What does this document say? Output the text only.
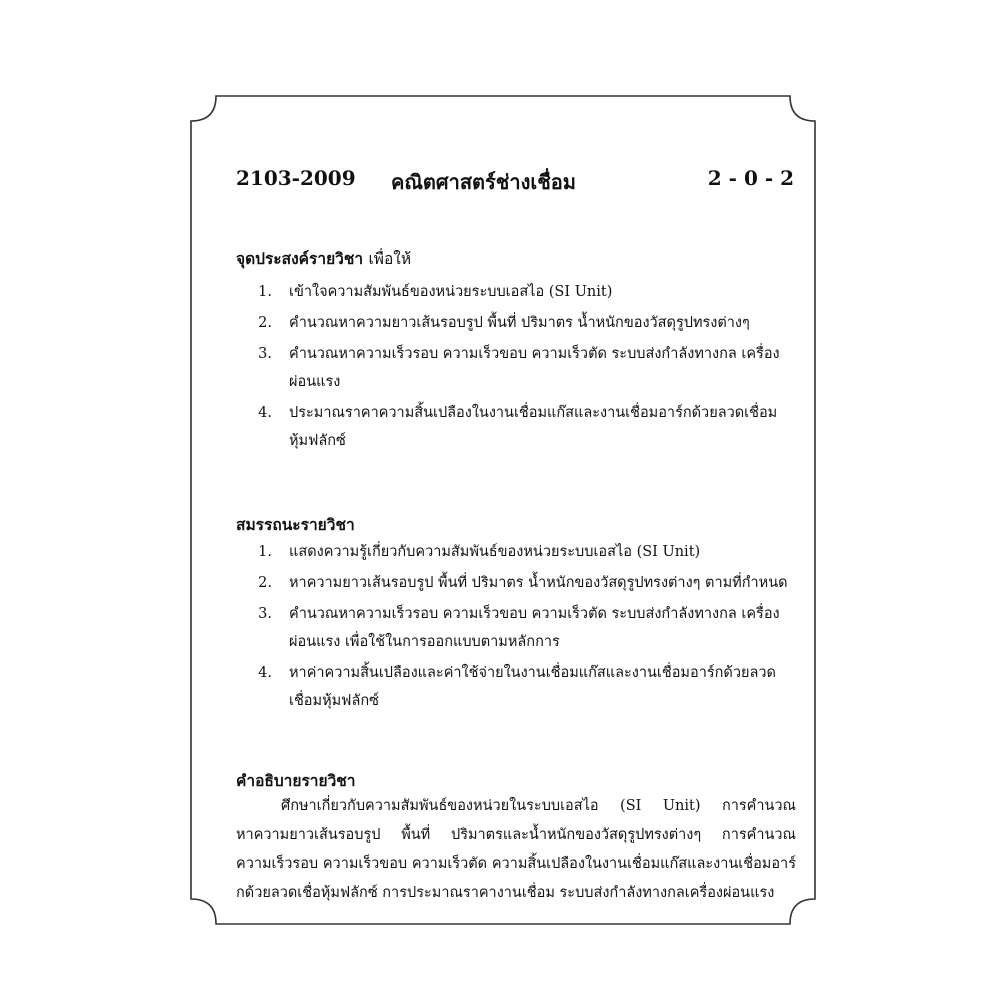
2103-2009 คณิตศาสตร์ช่างเชื่อม	2 - 0 - 2
จุดประสงค์รายวิชา เพื่อให้
1.	เข้าใจความสัมพันธ์ของหน่วยระบบเอสไอ (SI Unit)
2.	คำนวณหาความยาวเส้นรอบรูป พื้นที่ ปริมาตร น้ำหนักของวัสดุรูปทรงต่างๆ
3.	คำนวณหาความเร็วรอบ ความเร็วขอบ ความเร็วตัด ระบบส่งกำลังทางกล เครื่องผ่อนแรง
4.	ประมาณราคาความสิ้นเปลืองในงานเชื่อมแก๊สและงานเชื่อมอาร์กด้วยลวดเชื่อมหุ้มฟลักซ์
สมรรถนะรายวิชา
1.	แสดงความรู้เกี่ยวกับความสัมพันธ์ของหน่วยระบบเอสไอ (SI Unit)
2.	หาความยาวเส้นรอบรูป พื้นที่ ปริมาตร น้ำหนักของวัสดุรูปทรงต่างๆ ตามที่กำหนด
3.	คำนวณหาความเร็วรอบ ความเร็วขอบ ความเร็วตัด ระบบส่งกำลังทางกล เครื่องผ่อนแรง เพื่อใช้ในการออกแบบตามหลักการ
4.	หาค่าความสิ้นเปลืองและค่าใช้จ่ายในงานเชื่อมแก๊สและงานเชื่อมอาร์กด้วยลวดเชื่อมหุ้มฟลักซ์
คำอธิบายรายวิชา

ศึกษาเกี่ยวกับความสัมพันธ์ของหน่วยในระบบเอสไอ (SI Unit) การคำนวณหาความยาวเส้นรอบรูป พื้นที่ ปริมาตรและน้ำหนักของวัสดุรูปทรงต่างๆ การคำนวณความเร็วรอบ ความเร็วขอบ ความเร็วตัด ความสิ้นเปลืองในงานเชื่อมแก๊สและงานเชื่อมอาร์กด้วยลวดเชื่อหุ้มฟลักซ์ การประมาณราคางานเชื่อม ระบบส่งกำลังทางกลเครื่องผ่อนแรง
